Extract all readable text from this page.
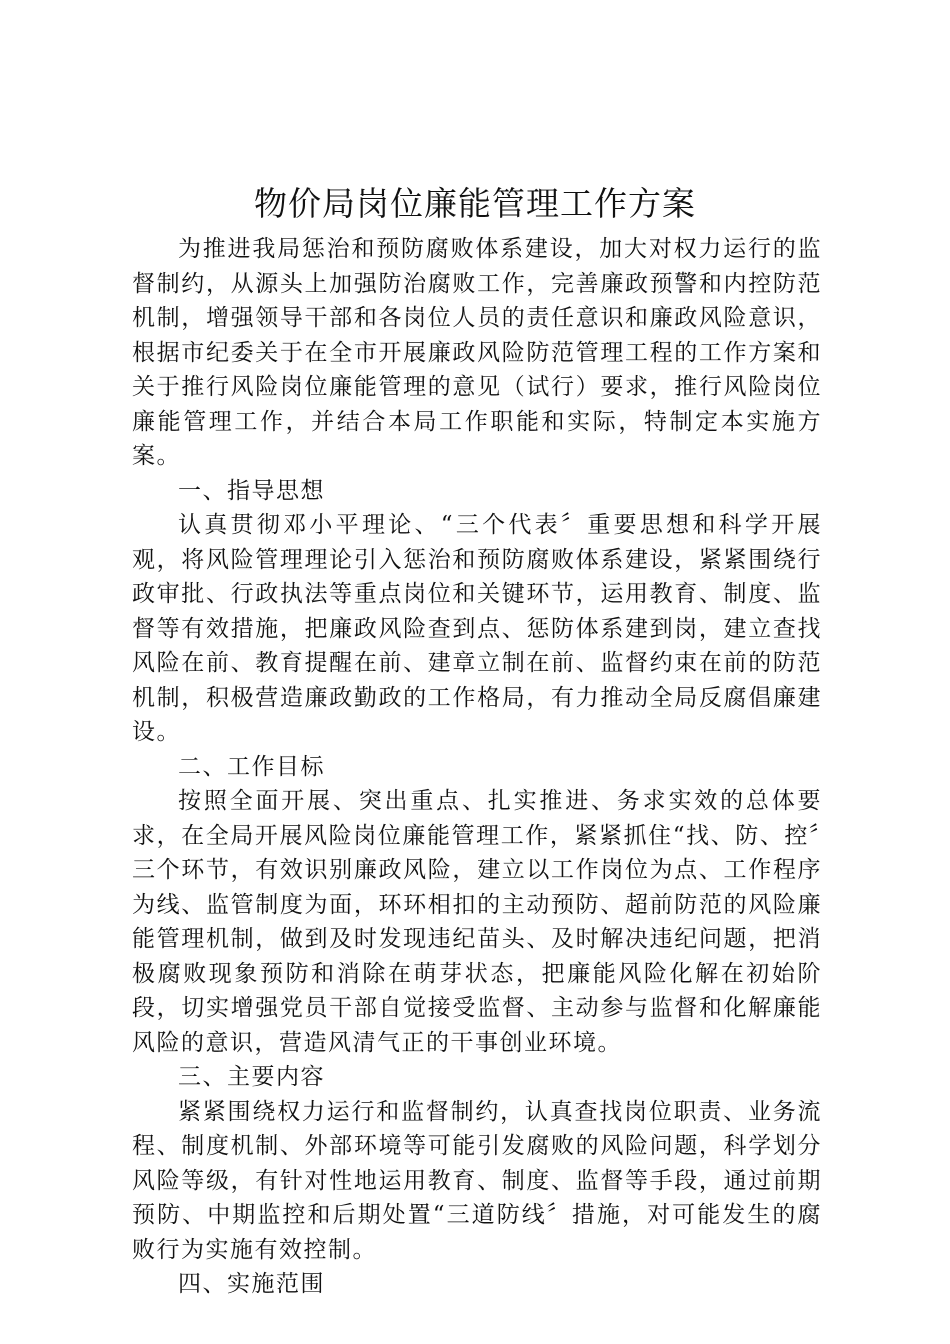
物价局岗位廉能管理工作方案

为推进我局惩治和预防腐败体系建设，加大对权力运行的监督制约，从源头上加强防治腐败工作，完善廉政预警和内控防范机制，增强领导干部和各岗位人员的责任意识和廉政风险意识，根据市纪委关于在全市开展廉政风险防范管理工程的工作方案和关于推行风险岗位廉能管理的意见（试行）要求，推行风险岗位廉能管理工作，并结合本局工作职能和实际，特制定本实施方案。

一、指导思想

认真贯彻邓小平理论、“三个代表〞重要思想和科学开展观，将风险管理理论引入惩治和预防腐败体系建设，紧紧围绕行政审批、行政执法等重点岗位和关键环节，运用教育、制度、监督等有效措施，把廉政风险查到点、惩防体系建到岗，建立查找风险在前、教育提醒在前、建章立制在前、监督约束在前的防范机制，积极营造廉政勤政的工作格局，有力推动全局反腐倡廉建设。

二、工作目标

按照全面开展、突出重点、扎实推进、务求实效的总体要求，在全局开展风险岗位廉能管理工作，紧紧抓住“找、防、控〞三个环节，有效识别廉政风险，建立以工作岗位为点、工作程序为线、监管制度为面，环环相扣的主动预防、超前防范的风险廉能管理机制，做到及时发现违纪苗头、及时解决违纪问题，把消极腐败现象预防和消除在萌芽状态，把廉能风险化解在初始阶段，切实增强党员干部自觉接受监督、主动参与监督和化解廉能风险的意识，营造风清气正的干事创业环境。

三、主要内容

紧紧围绕权力运行和监督制约，认真查找岗位职责、业务流程、制度机制、外部环境等可能引发腐败的风险问题，科学划分风险等级，有针对性地运用教育、制度、监督等手段，通过前期预防、中期监控和后期处置“三道防线〞措施，对可能发生的腐败行为实施有效控制。

四、实施范围
